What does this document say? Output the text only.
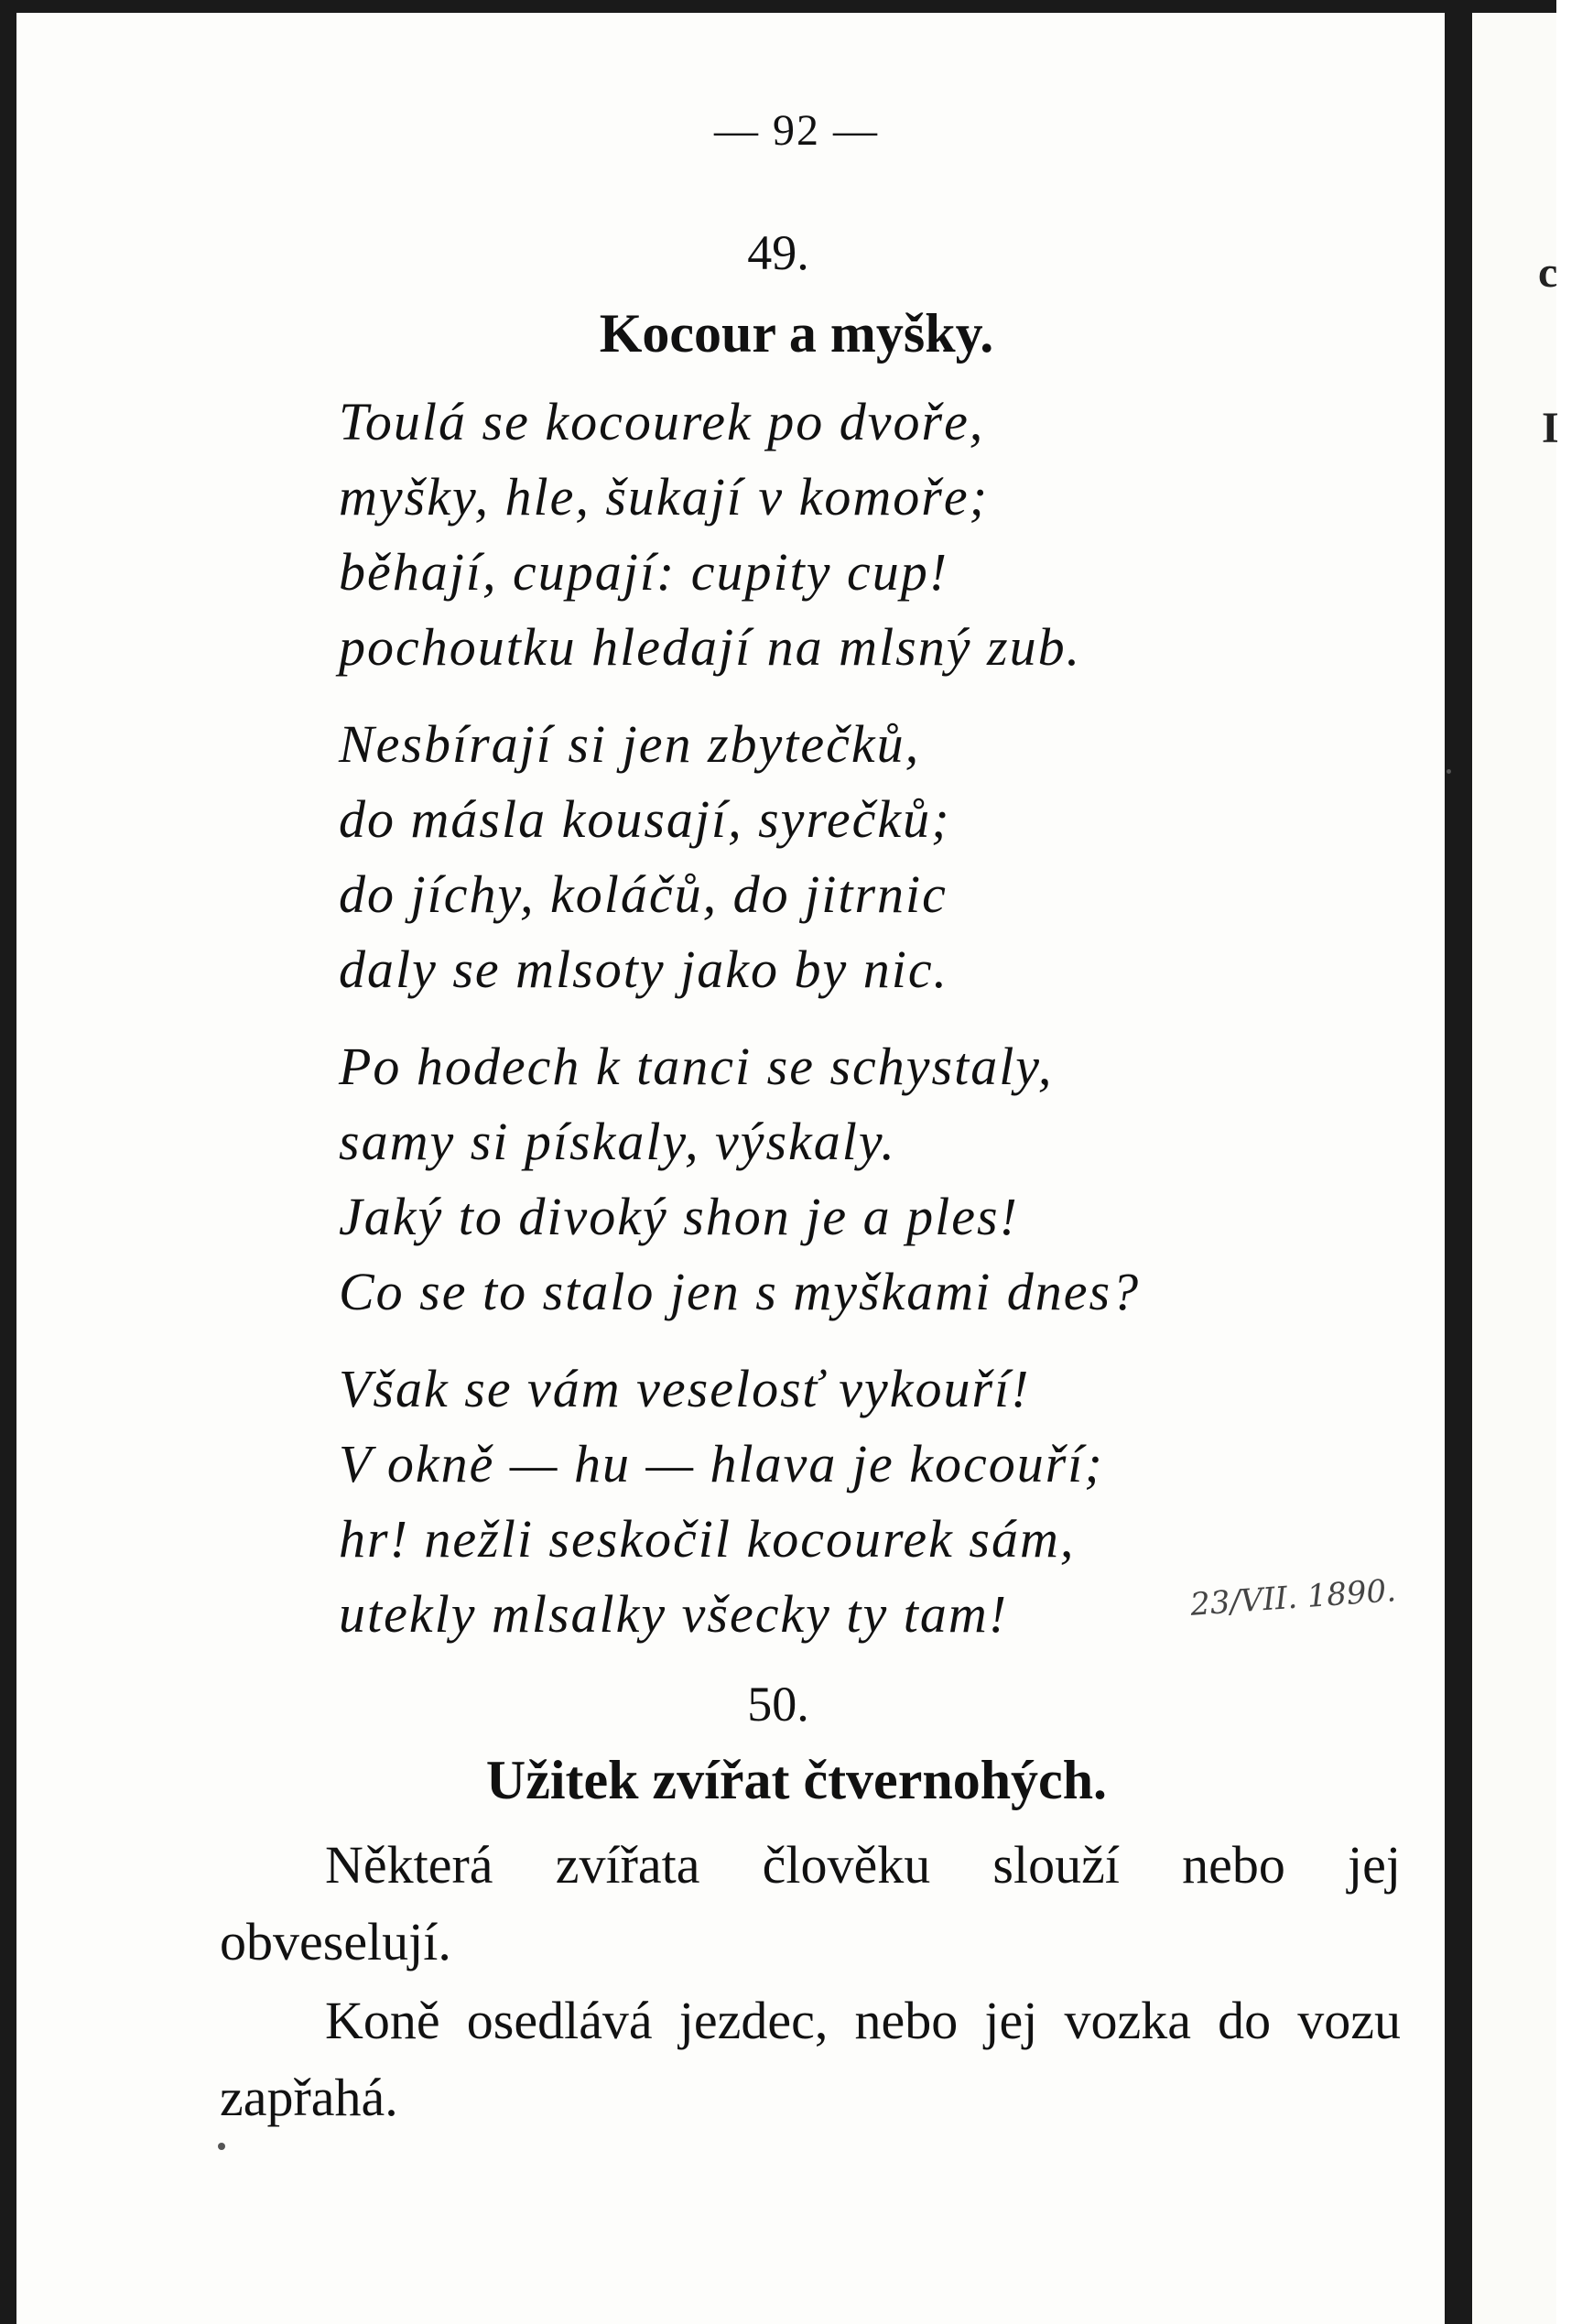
c
I
— 92 —
49.
Kocour a myšky.
Toulá se kocourek po dvoře,
myšky, hle, šukají v komoře;
běhají, cupají: cupity cup!
pochoutku hledají na mlsný zub.
Nesbírají si jen zbytečků,
do másla kousají, syrečků;
do jíchy, koláčů, do jitrnic
daly se mlsoty jako by nic.
Po hodech k tanci se schystaly,
samy si pískaly, výskaly.
Jaký to divoký shon je a ples!
Co se to stalo jen s myškami dnes?
Však se vám veselosť vykouří!
V okně — hu — hlava je kocouří;
hr! nežli seskočil kocourek sám,
utekly mlsalky všecky ty tam!	23/VII. 1890.
50.
Užitek zvířat čtvernohých.

Některá zvířata člověku slouží nebo jej obveselují.

Koně osedlává jezdec, nebo jej vozka do vozu zapřahá.
